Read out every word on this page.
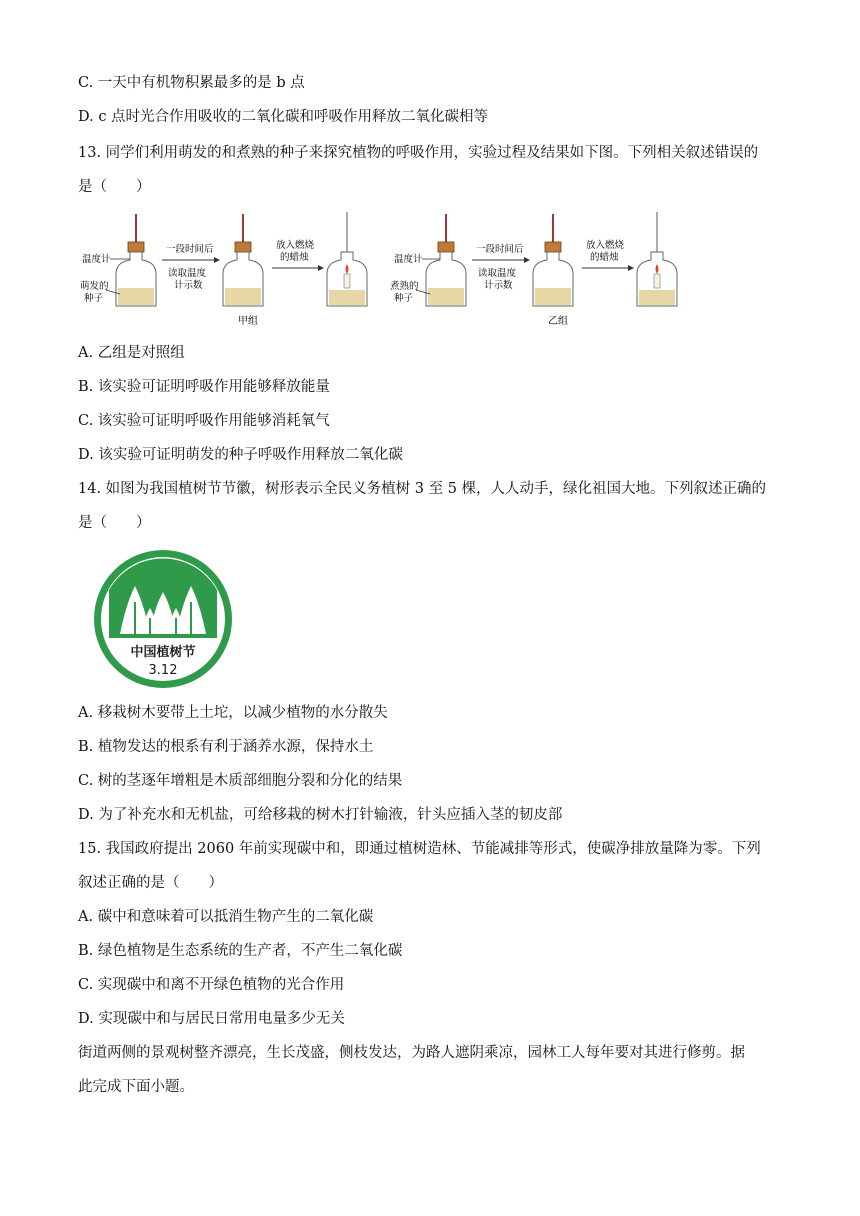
C. 一天中有机物积累最多的是 b 点
D. c 点时光合作用吸收的二氧化碳和呼吸作用释放二氧化碳相等
13. 同学们利用萌发的和煮熟的种子来探究植物的呼吸作用，实验过程及结果如下图。下列相关叙述错误的
是（　　）
温度计
萌发的
种子
一段时间后
读取温度
计示数
甲组
放入燃烧
的蜡烛	温度计
煮熟的
种子
一段时间后
读取温度
计示数
乙组
放入燃烧
的蜡烛
A. 乙组是对照组
B. 该实验可证明呼吸作用能够释放能量
C. 该实验可证明呼吸作用能够消耗氧气
D. 该实验可证明萌发的种子呼吸作用释放二氧化碳
14. 如图为我国植树节节徽，树形表示全民义务植树 3 至 5 棵，人人动手，绿化祖国大地。下列叙述正确的
是（　　）
中国植树节
3.12
A. 移栽树木要带上土坨，以减少植物的水分散失
B. 植物发达的根系有利于涵养水源，保持水土
C. 树的茎逐年增粗是木质部细胞分裂和分化的结果
D. 为了补充水和无机盐，可给移栽的树木打针输液，针头应插入茎的韧皮部
15. 我国政府提出 2060 年前实现碳中和，即通过植树造林、节能减排等形式，使碳净排放量降为零。下列
叙述正确的是（　　）
A. 碳中和意味着可以抵消生物产生的二氧化碳
B. 绿色植物是生态系统的生产者，不产生二氧化碳
C. 实现碳中和离不开绿色植物的光合作用
D. 实现碳中和与居民日常用电量多少无关
街道两侧的景观树整齐漂亮，生长茂盛，侧枝发达，为路人遮阴乘凉，园林工人每年要对其进行修剪。据
此完成下面小题。
